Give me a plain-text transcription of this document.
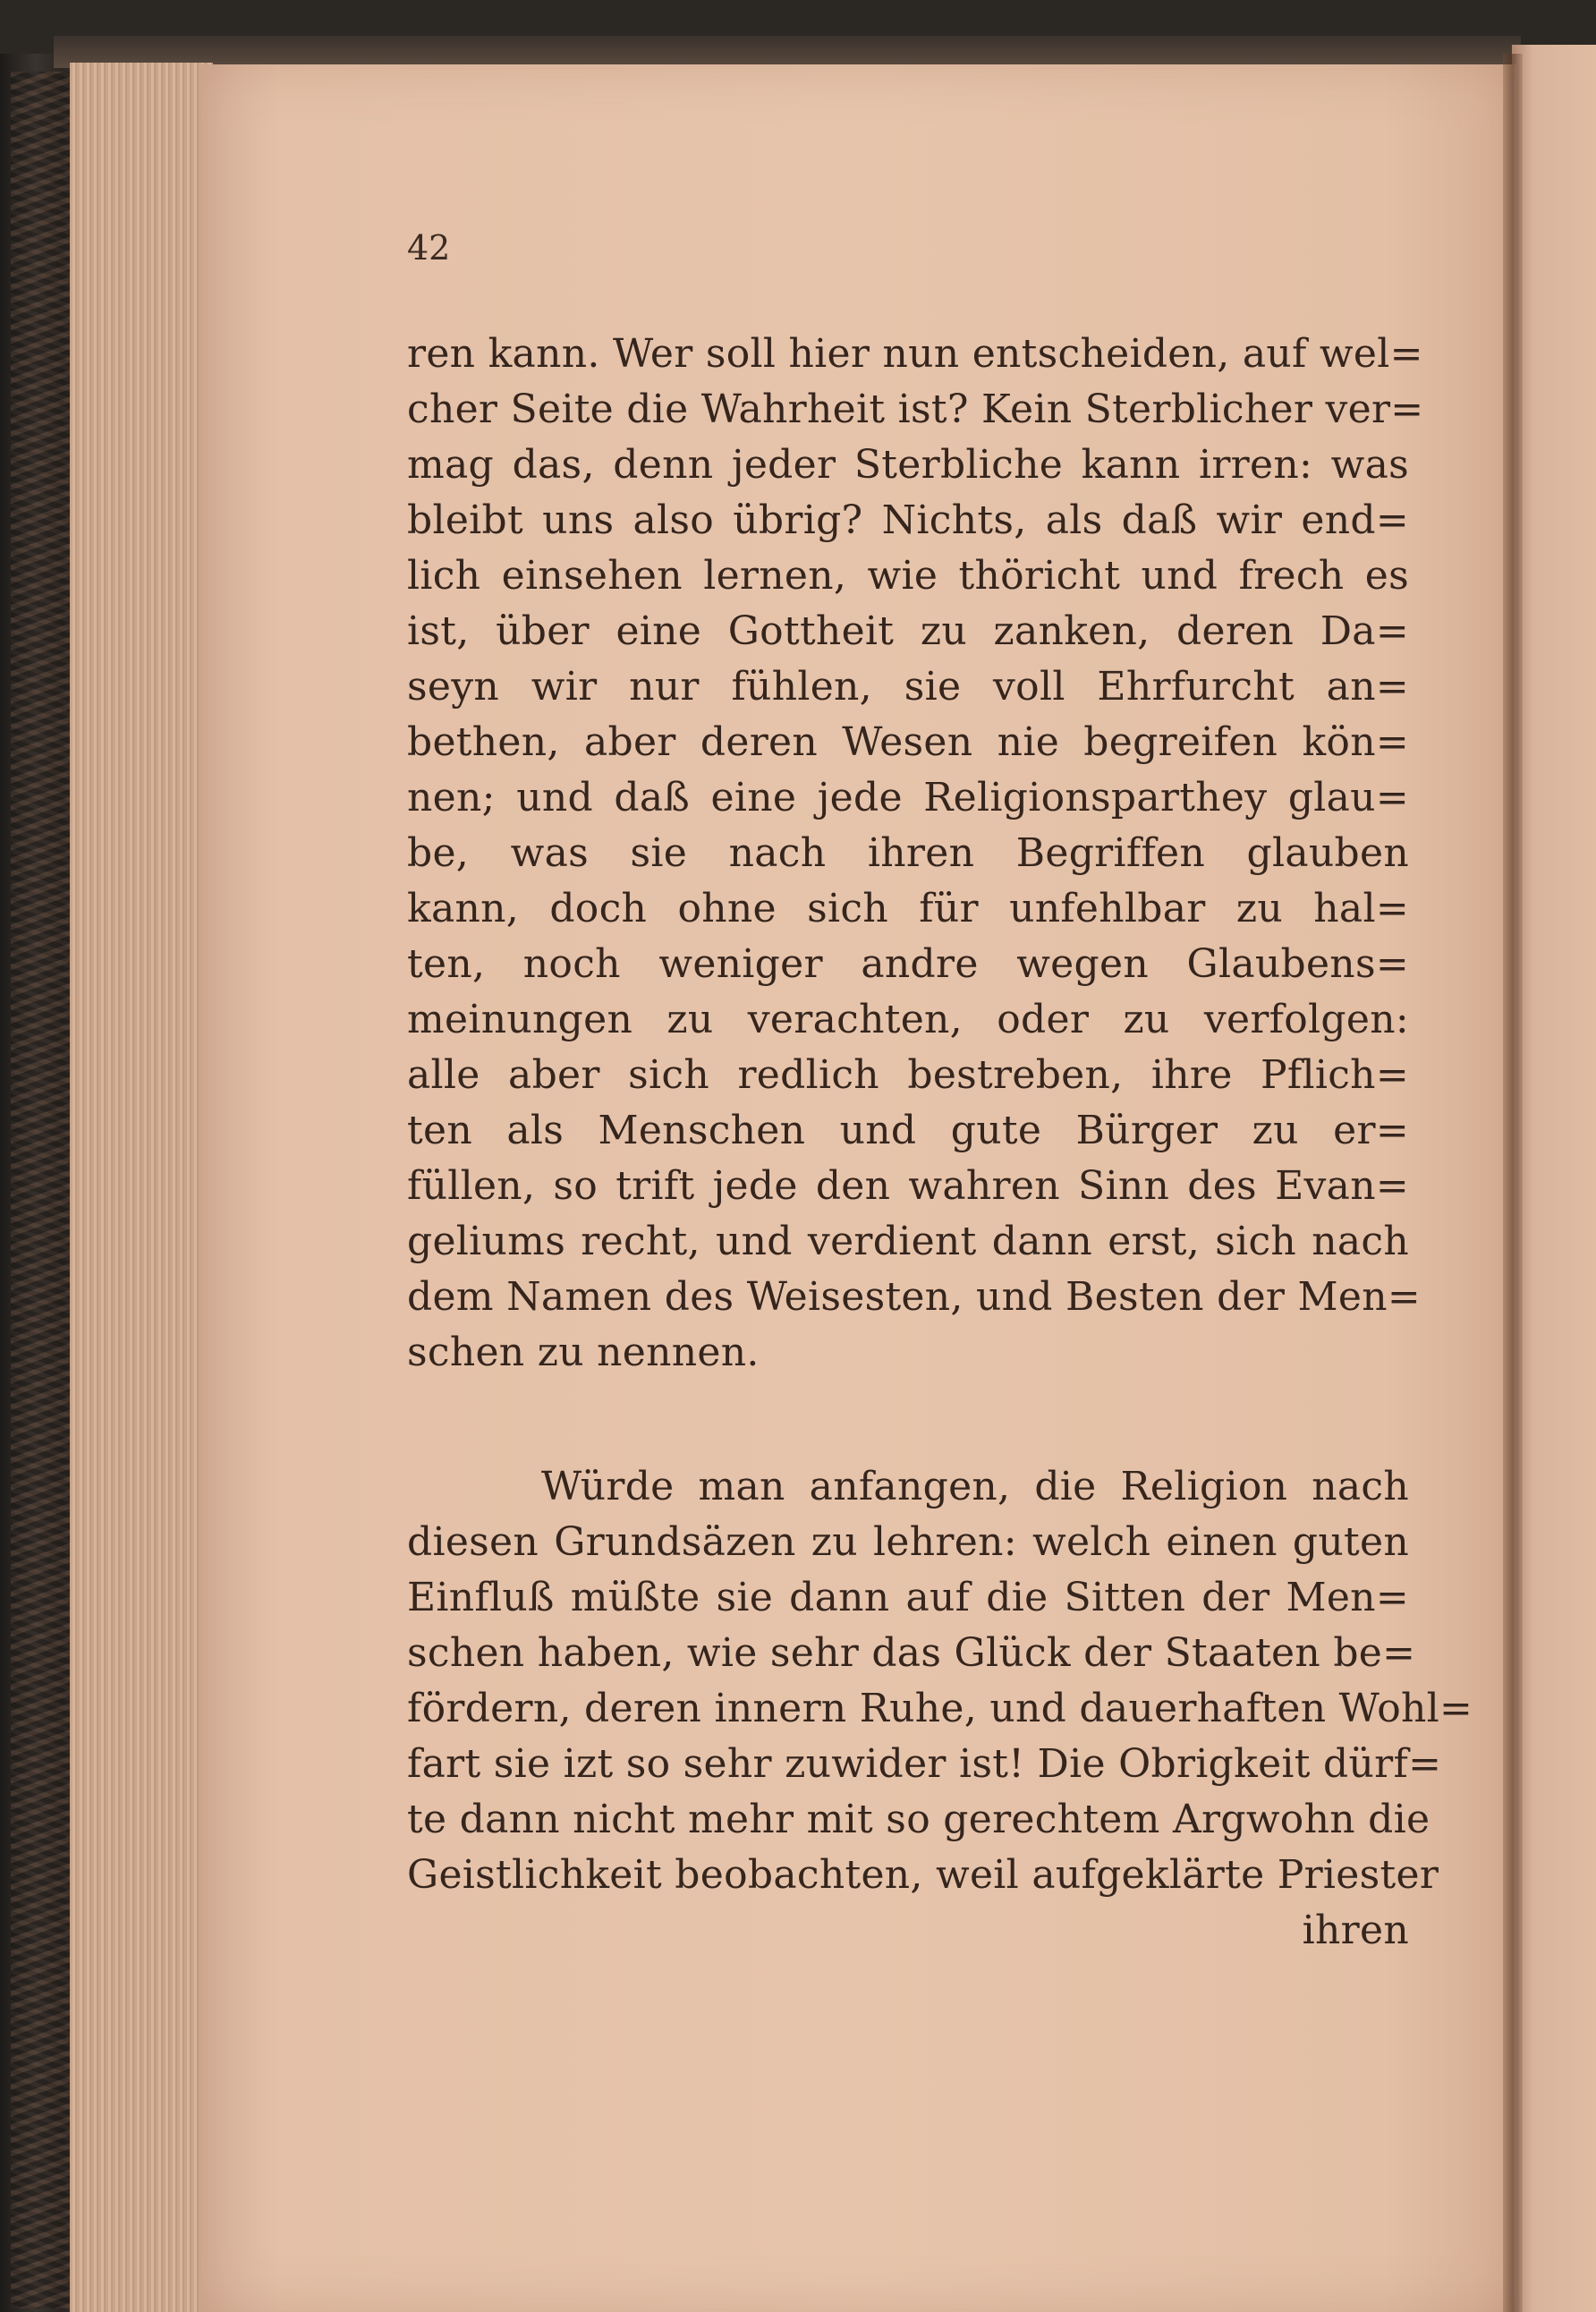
42

ren kann. Wer soll hier nun entscheiden, auf wel=
cher Seite die Wahrheit ist? Kein Sterblicher ver=
mag das, denn jeder Sterbliche kann irren: was
bleibt uns also übrig? Nichts, als daß wir end=
lich einsehen lernen, wie thöricht und frech es
ist, über eine Gottheit zu zanken, deren Da=
seyn wir nur fühlen, sie voll Ehrfurcht an=
bethen, aber deren Wesen nie begreifen kön=
nen; und daß eine jede Religionsparthey glau=
be, was sie nach ihren Begriffen glauben
kann, doch ohne sich für unfehlbar zu hal=
ten, noch weniger andre wegen Glaubens=
meinungen zu verachten, oder zu verfolgen:
alle aber sich redlich bestreben, ihre Pflich=
ten als Menschen und gute Bürger zu er=
füllen, so trift jede den wahren Sinn des Evan=
geliums recht, und verdient dann erst, sich nach
dem Namen des Weisesten, und Besten der Men=
schen zu nennen.
Würde man anfangen, die Religion nach
diesen Grundsäzen zu lehren: welch einen guten
Einfluß müßte sie dann auf die Sitten der Men=
schen haben, wie sehr das Glück der Staaten be=
fördern, deren innern Ruhe, und dauerhaften Wohl=
fart sie izt so sehr zuwider ist! Die Obrigkeit dürf=
te dann nicht mehr mit so gerechtem Argwohn die
Geistlichkeit beobachten, weil aufgeklärte Priester
ihren
